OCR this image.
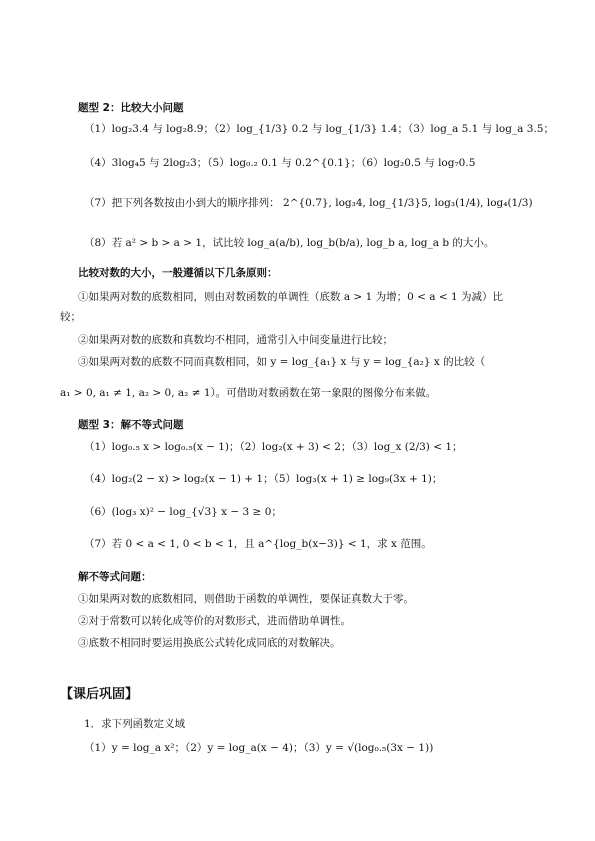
题型 2：比较大小问题
（1）log₂3.4 与 log₂8.9；（2）log_{1/3} 0.2 与 log_{1/3} 1.4；（3）log_a 5.1 与 log_a 3.5；
（4）3log₄5 与 2log₂3；（5）log₀.₂ 0.1 与 0.2^{0.1}；（6）log₂0.5 与 log₇0.5
（7）把下列各数按由小到大的顺序排列： 2^{0.7}, log₃4, log_{1/3}5, log₃(1/4), log₄(1/3)
（8）若 a² > b > a > 1，试比较 log_a(a/b), log_b(b/a), log_b a, log_a b 的大小。
比较对数的大小，一般遵循以下几条原则：
①如果两对数的底数相同，则由对数函数的单调性（底数 a > 1 为增；0 < a < 1 为减）比
较；
②如果两对数的底数和真数均不相同，通常引入中间变量进行比较；
③如果两对数的底数不同而真数相同，如 y = log_{a₁} x 与 y = log_{a₂} x 的比较（
a₁ > 0, a₁ ≠ 1, a₂ > 0, a₂ ≠ 1）。可借助对数函数在第一象限的图像分布来做。
题型 3：解不等式问题
（1）log₀.₅ x > log₀.₅(x − 1)；（2）log₂(x + 3) < 2；（3）log_x (2/3) < 1；
（4）log₂(2 − x) > log₂(x − 1) + 1；（5）log₃(x + 1) ≥ log₉(3x + 1)；
（6）(log₃ x)² − log_{√3} x − 3 ≥ 0；
（7）若 0 < a < 1, 0 < b < 1，且 a^{log_b(x−3)} < 1，求 x 范围。
解不等式问题：
①如果两对数的底数相同，则借助于函数的单调性，要保证真数大于零。
②对于常数可以转化成等价的对数形式，进而借助单调性。
③底数不相同时要运用换底公式转化成同底的对数解决。
【课后巩固】
1．求下列函数定义域
（1）y = log_a x²；（2）y = log_a(x − 4)；（3）y = √(log₀.₅(3x − 1))
